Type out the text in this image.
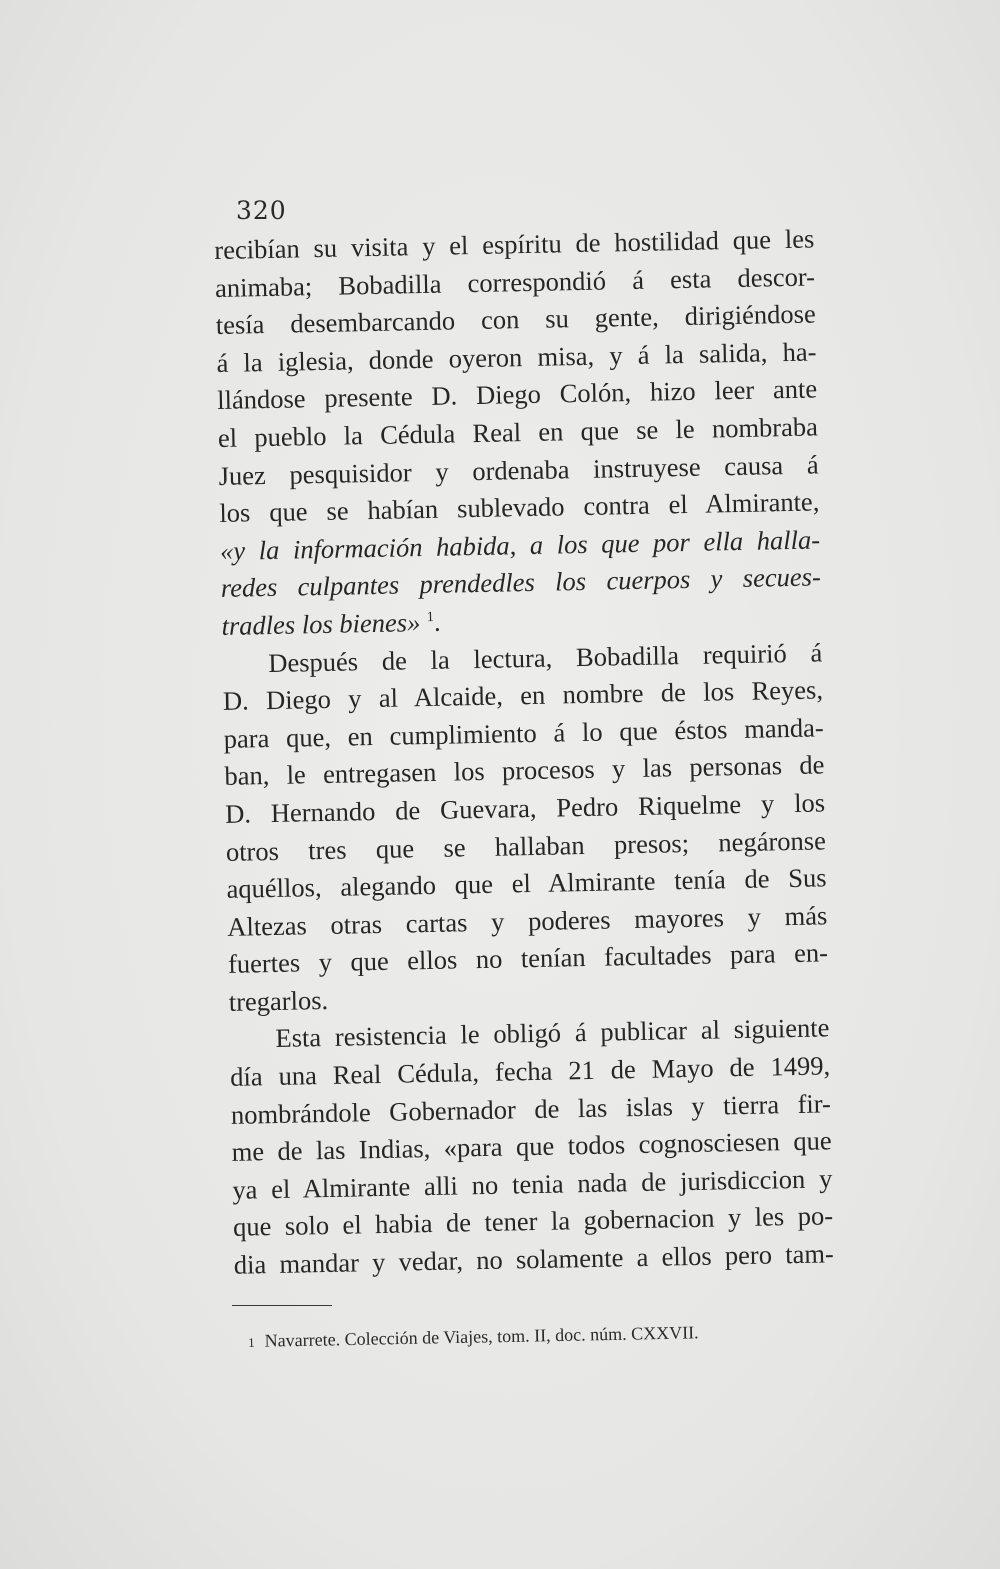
320
recibían su visita y el espíritu de hostilidad que les
animaba; Bobadilla correspondió á esta descor-
tesía desembarcando con su gente, dirigiéndose
á la iglesia, donde oyeron misa, y á la salida, ha-
llándose presente D. Diego Colón, hizo leer ante
el pueblo la Cédula Real en que se le nombraba
Juez pesquisidor y ordenaba instruyese causa á
los que se habían sublevado contra el Almirante,
«y la información habida, a los que por ella halla-
redes culpantes prendedles los cuerpos y secues-
tradles los bienes» $^1$.
Después de la lectura, Bobadilla requirió á
D. Diego y al Alcaide, en nombre de los Reyes,
para que, en cumplimiento á lo que éstos manda-
ban, le entregasen los procesos y las personas de
D. Hernando de Guevara, Pedro Riquelme y los
otros tres que se hallaban presos; negáronse
aquéllos, alegando que el Almirante tenía de Sus
Altezas otras cartas y poderes mayores y más
fuertes y que ellos no tenían facultades para en-
tregarlos.
Esta resistencia le obligó á publicar al siguiente
día una Real Cédula, fecha 21 de Mayo de 1499,
nombrándole Gobernador de las islas y tierra fir-
me de las Indias, «para que todos cognosciesen que
ya el Almirante alli no tenia nada de jurisdiccion y
que solo el habia de tener la gobernacion y les po-
dia mandar y vedar, no solamente a ellos pero tam-
1 Navarrete. Colección de Viajes, tom. II, doc. núm. CXXVII.
